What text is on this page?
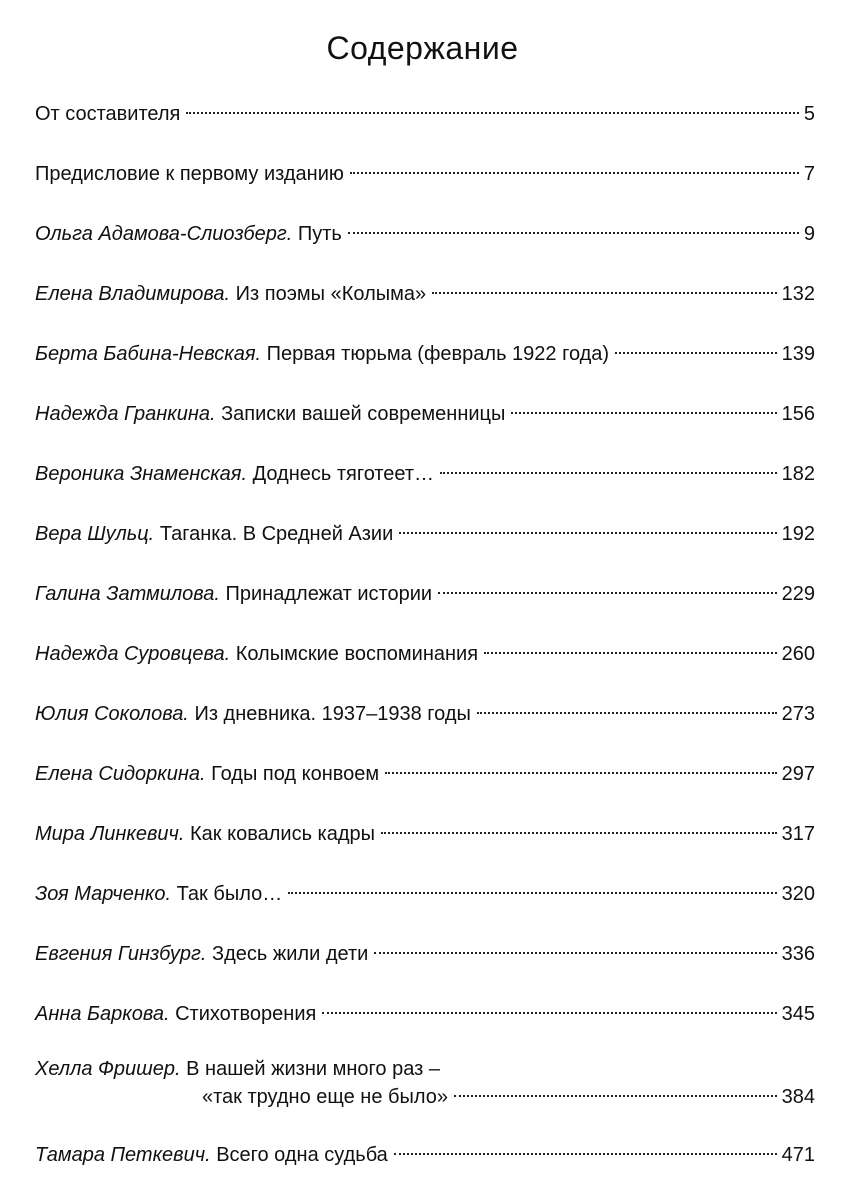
Содержание
От составителя	5
Предисловие к первому изданию	7
Ольга Адамова-Слиозберг. Путь	9
Елена Владимирова. Из поэмы «Колыма»	132
Берта Бабина-Невская. Первая тюрьма (февраль 1922 года)	139
Надежда Гранкина. Записки вашей современницы	156
Вероника Знаменская. Доднесь тяготеет…	182
Вера Шульц. Таганка. В Средней Азии	192
Галина Затмилова. Принадлежат истории	229
Надежда Суровцева. Колымские воспоминания	260
Юлия Соколова. Из дневника. 1937–1938 годы	273
Елена Сидоркина. Годы под конвоем	297
Мира Линкевич. Как ковались кадры	317
Зоя Марченко. Так было…	320
Евгения Гинзбург. Здесь жили дети	336
Анна Баркова. Стихотворения	345
Хелла Фришер. В нашей жизни много раз –
«так трудно еще не было»	384
Тамара Петкевич. Всего одна судьба	471
